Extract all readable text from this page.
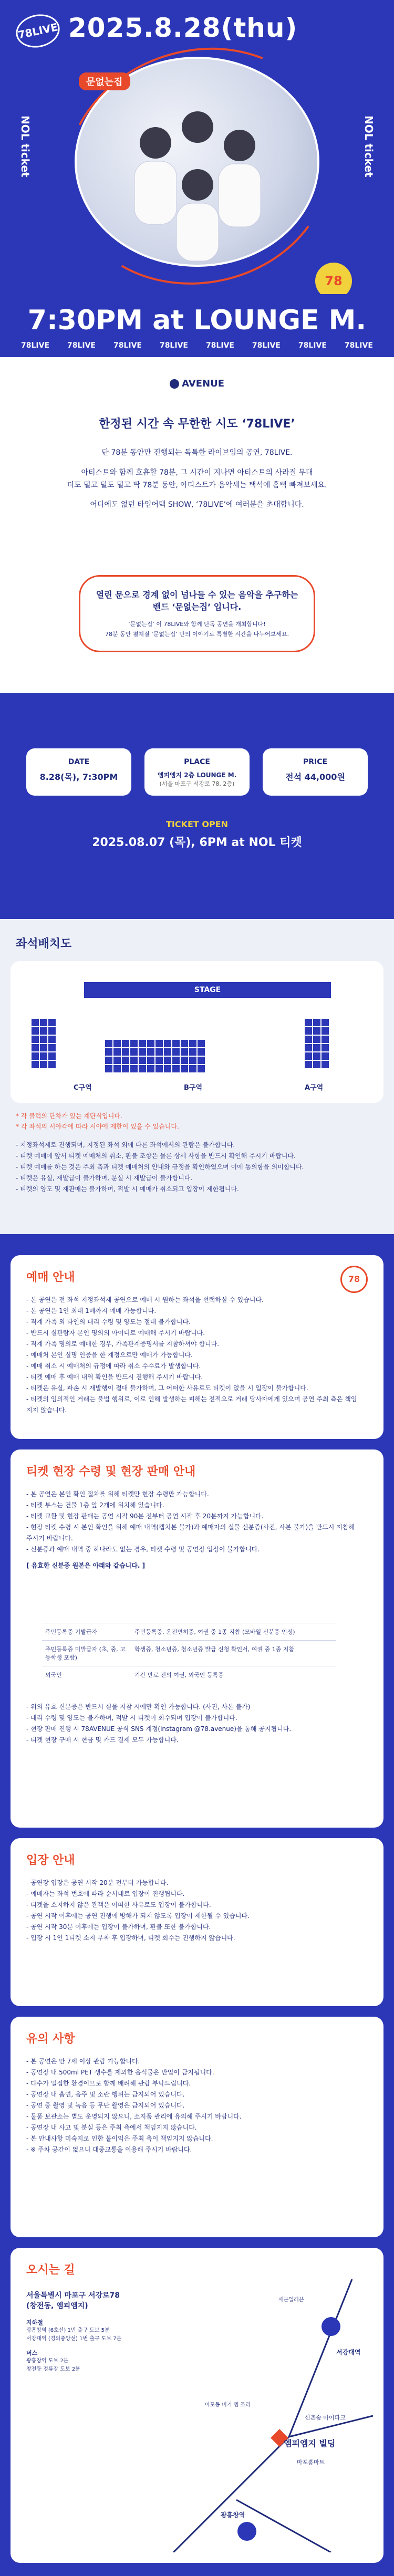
78LIVE 2025.8.28(thu)
NOL ticket	NOL ticket
문없는집
78
7:30PM at LOUNGE M.
78LIVE 78LIVE 78LIVE 78LIVE 78LIVE 78LIVE 78LIVE 78LIVE
AVENUE
한정된 시간 속 무한한 시도 ‘78LIVE’

단 78분 동안만 진행되는 독특한 라이브임의 공연, 78LIVE.

아티스트와 함께 호흡할 78분, 그 시간이 지나면 아티스트의 사라질 무대

더도 덜고 덜도 덜고 딱 78분 동안, 아티스트가 음악세는 택석에 흠뻑 빠져보세요.

어디에도 없던 타입어택 SHOW, ‘78LIVE’에 여러분을 초대합니다.

열린 문으로 경계 없이 넘나들 수 있는 음악을 추구하는
밴드 ‘문없는집’ 입니다.
‘문없는집’ 이 78LIVE와 함께 단독 공연을 개최합니다!
78분 동안 펼쳐질 ‘문없는집’ 만의 이야기로 특별한 시간을 나누어보세요.
DATE
8.28(목), 7:30PM
PLACE
엠피엠지 2층 LOUNGE M.
(서울 마포구 서강로 78, 2층)
PRICE
전석 44,000원
TICKET OPEN
2025.08.07 (목), 6PM at NOL 티켓
좌석배치도
STAGE
C구역	B구역	A구역
* 각 블럭의 단차가 있는 계단식입니다.
* 각 좌석의 시야각에 따라 시야에 제한이 있을 수 있습니다.

- 지정좌석제로 진행되며, 지정된 좌석 외에 다른 좌석에서의 관람은 불가합니다.

- 티켓 예매에 앞서 티켓 예매처의 취소, 환불 조항은 물론 상세 사항을 반드시 확인해 주시기 바랍니다.

- 티켓 예매를 하는 것은 주최 측과 티켓 예매처의 안내와 규정을 확인하였으며 이에 동의함을 의미합니다.

- 티켓은 유실, 재발급이 불가하며, 분실 시 재발급이 불가합니다.

- 티켓의 양도 및 재판매는 불가하며, 적발 시 예매가 취소되고 입장이 제한됩니다.

예매 안내	78

- 본 공연은 전 좌석 지정좌석제 공연으로 예매 시 원하는 좌석을 선택하실 수 있습니다.

- 본 공연은 1인 최대 1매까지 예매 가능합니다.

- 직계 가족 외 타인의 대리 수령 및 양도는 절대 불가합니다.

- 반드시 실관람자 본인 명의의 아이디로 예매해 주시기 바랍니다.

- 직계 가족 명의로 예매한 경우, 가족관계증명서를 지참하셔야 합니다.

- 예매처 본인 실명 인증을 한 계정으로만 예매가 가능합니다.

- 예매 취소 시 예매처의 규정에 따라 취소 수수료가 발생합니다.

- 티켓 예매 후 예매 내역 확인을 반드시 진행해 주시기 바랍니다.

- 티켓은 유실, 파손 시 재발행이 절대 불가하며, 그 어떠한 사유로도 티켓이 없을 시 입장이 불가합니다.

- 티켓의 임의적인 거래는 불법 행위로, 이로 인해 발생하는 피해는 전적으로 거래 당사자에게 있으며 공연 주최 측은 책임지지 않습니다.

티켓 현장 수령 및 현장 판매 안내

- 본 공연은 본인 확인 절차를 위해 티켓만 현장 수령만 가능합니다.

- 티켓 부스는 건물 1층 앞 2개에 위치해 있습니다.

- 티켓 교환 및 현장 판매는 공연 시작 90분 전부터 공연 시작 후 20분까지 가능합니다.

- 현장 티켓 수령 시 본인 확인을 위해 예매 내역(캡처본 불가)과 예매자의 실물 신분증(사진, 사본 불가)을 반드시 지참해 주시기 바랍니다.

- 신분증과 예매 내역 중 하나라도 없는 경우, 티켓 수령 및 공연장 입장이 불가합니다.

[ 유효한 신분증 원본은 아래와 같습니다. ]

주민등록증 기발급자	주민등록증, 운전면허증, 여권 중 1종 지참 (모바일 신분증 인정)
주민등록증 미발급자 (초, 중, 고등학생 포함)	학생증, 청소년증, 청소년증 발급 신청 확인서, 여권 중 1종 지참
외국인	기간 만료 전의 여권, 외국인 등록증

- 위의 유효 신분증은 반드시 실물 지참 시에만 확인 가능합니다. (사진, 사본 불가)

- 대리 수령 및 양도는 불가하며, 적발 시 티켓이 회수되며 입장이 불가합니다.

- 현장 판매 진행 시 78AVENUE 공식 SNS 계정(instagram @78.avenue)을 통해 공지됩니다.

- 티켓 현장 구매 시 현금 및 카드 결제 모두 가능합니다.

입장 안내

- 공연장 입장은 공연 시작 20분 전부터 가능합니다.

- 예매자는 좌석 번호에 따라 순서대로 입장이 진행됩니다.

- 티켓을 소지하지 않은 관객은 어떠한 사유로도 입장이 불가합니다.

- 공연 시작 이후에는 공연 진행에 방해가 되지 않도록 입장이 제한될 수 있습니다.

- 공연 시작 30분 이후에는 입장이 불가하며, 환불 또한 불가합니다.

- 입장 시 1인 1티켓 소지 부착 후 입장하며, 티켓 회수는 진행하지 않습니다.

유의 사항

- 본 공연은 만 7세 이상 관람 가능합니다.

- 공연장 내 500ml PET 생수를 제외한 음식물은 반입이 금지됩니다.

- 다수가 밀집한 환경이므로 함께 배려해 관람 부탁드립니다.

- 공연장 내 흡연, 음주 및 소란 행위는 금지되어 있습니다.

- 공연 중 촬영 및 녹음 등 무단 촬영은 금지되어 있습니다.

- 물품 보관소는 별도 운영되지 않으니, 소지품 관리에 유의해 주시기 바랍니다.

- 공연장 내 사고 및 분실 등은 주최 측에서 책임지지 않습니다.

- 본 안내사항 미숙지로 인한 불이익은 주최 측이 책임지지 않습니다.

- ※ 주차 공간이 없으니 대중교통을 이용해 주시기 바랍니다.

오시는 길
서울특별시 마포구 서강로78
(창전동, 엠피엠지)
지하철
광흥창역 (6호선) 1번 출구 도보 5분
서강대역 (경의중앙선) 1번 출구 도보 7분
버스
광흥창역 도보 2분
창전동 정류장 도보 2분
서강대역
엠피엠지 빌딩
신촌숲 아이파크
마포홈마트
마포동 버거 엠 조리
세븐일레븐
광흥창역
